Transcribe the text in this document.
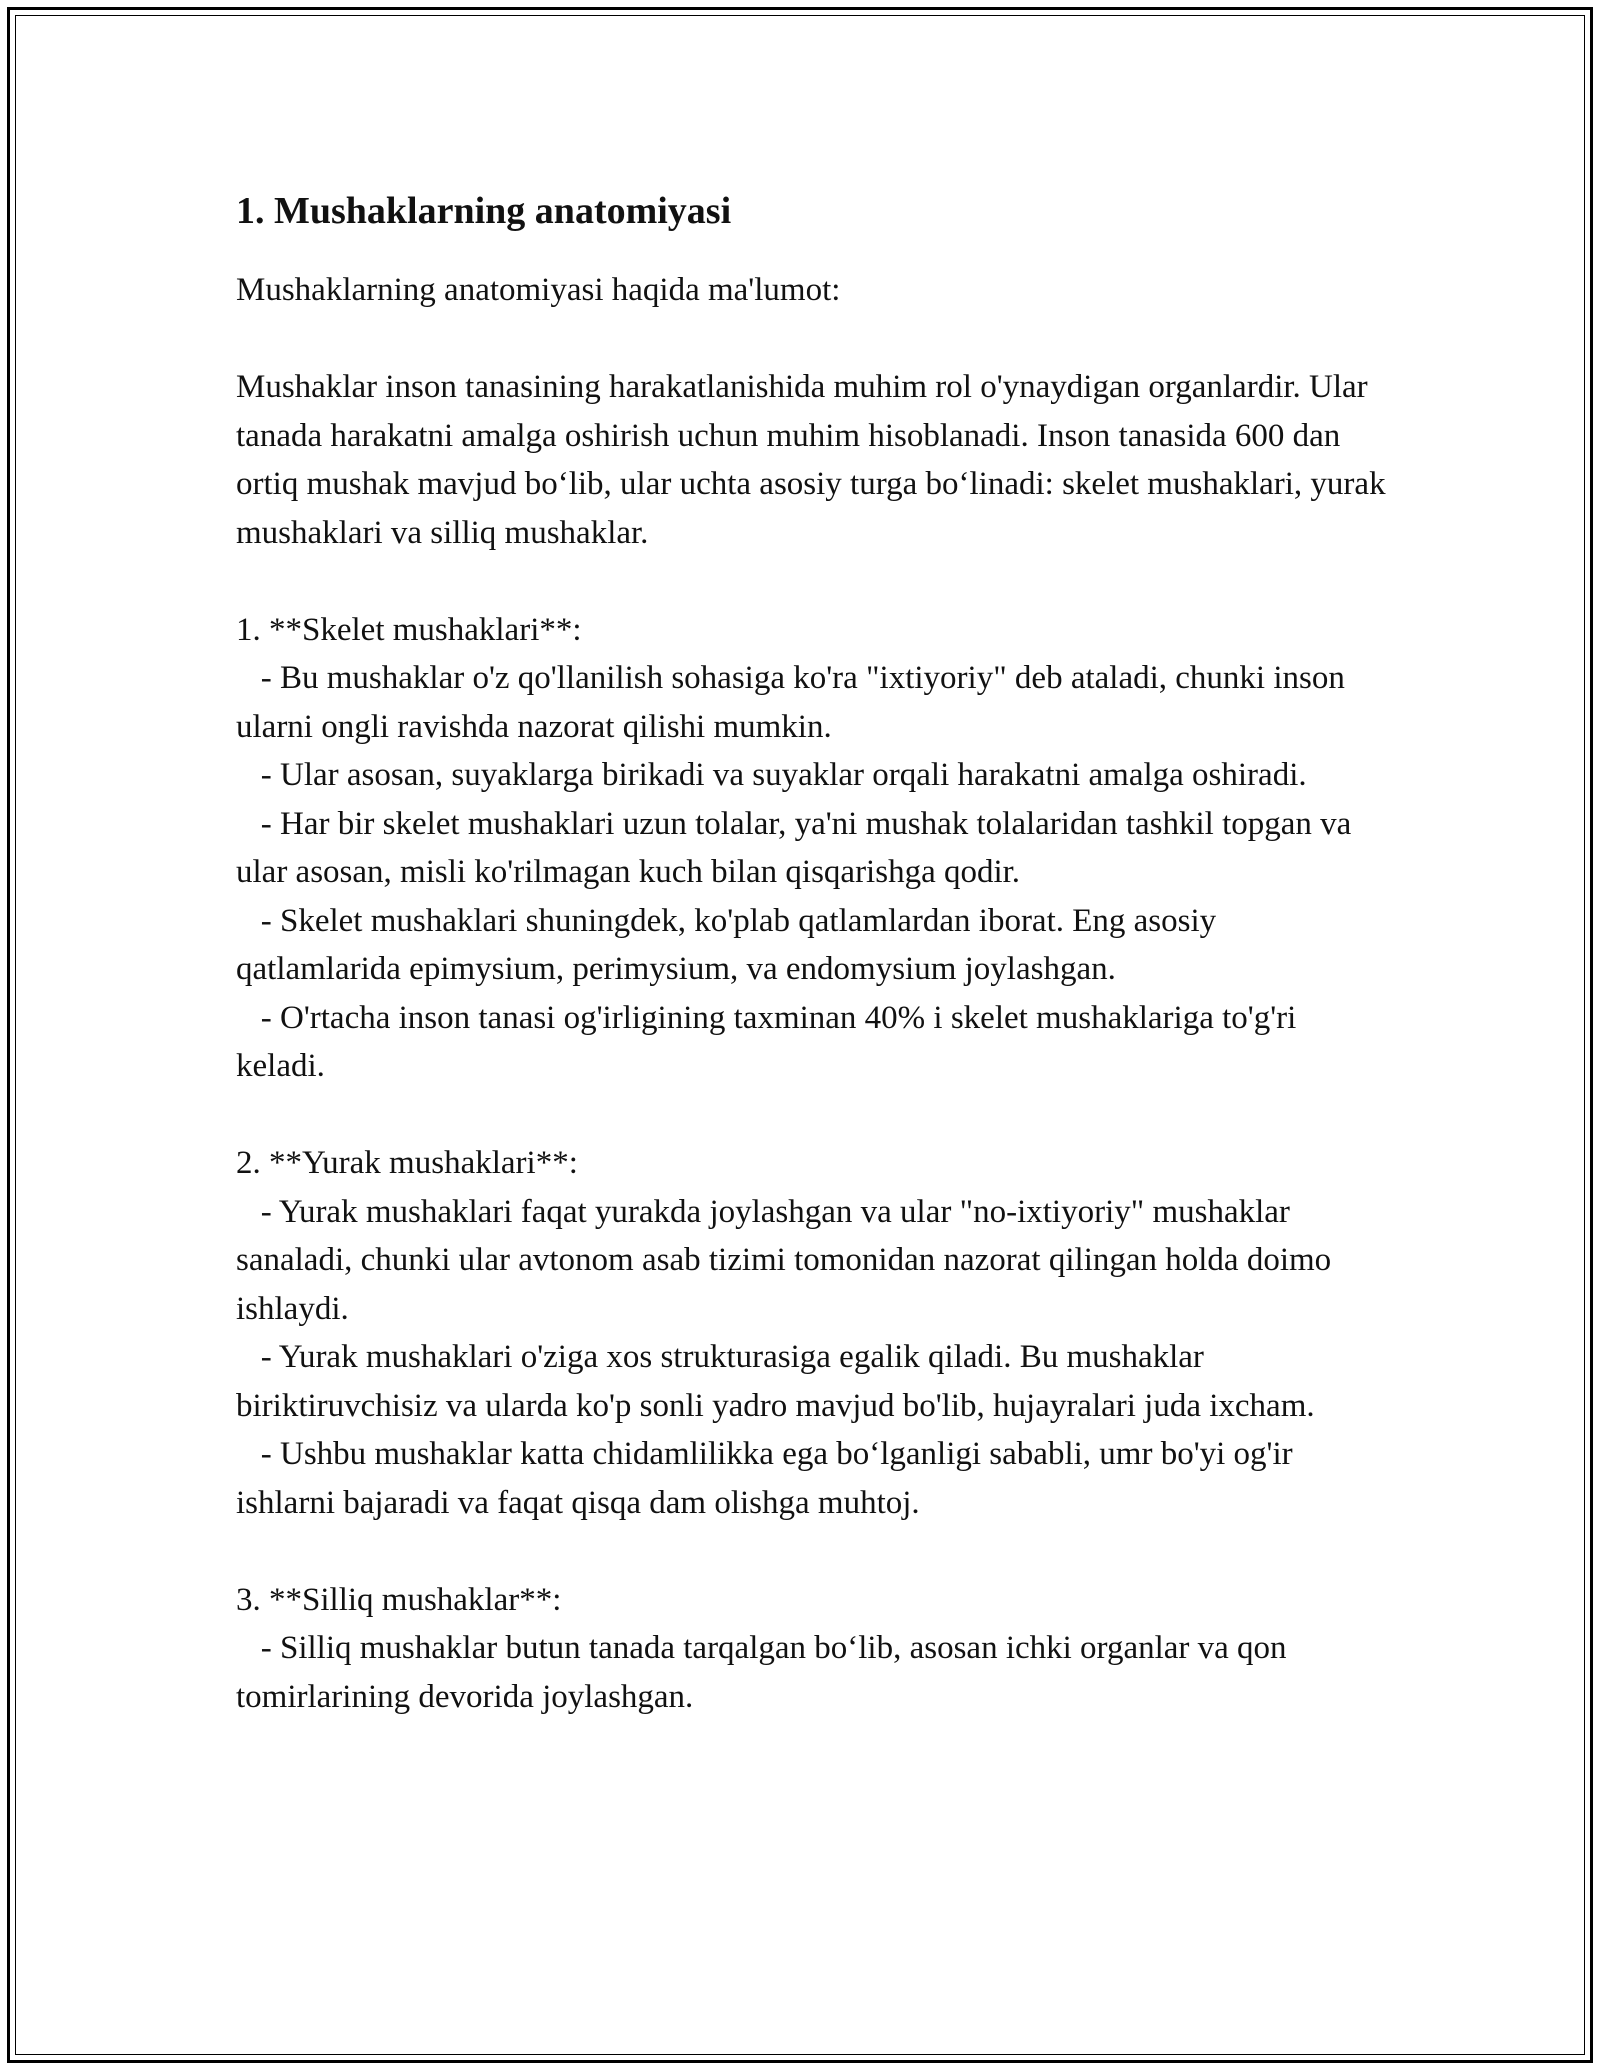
1. Mushaklarning anatomiyasi

Mushaklarning anatomiyasi haqida ma'lumot:

Mushaklar inson tanasining harakatlanishida muhim rol o'ynaydigan organlardir. Ular tanada harakatni amalga oshirish uchun muhim hisoblanadi. Inson tanasida 600 dan ortiq mushak mavjud bo‘lib, ular uchta asosiy turga bo‘linadi: skelet mushaklari, yurak mushaklari va silliq mushaklar.

1. **Skelet mushaklari**:

- Bu mushaklar o'z qo'llanilish sohasiga ko'ra "ixtiyoriy" deb ataladi, chunki inson ularni ongli ravishda nazorat qilishi mumkin.

- Ular asosan, suyaklarga birikadi va suyaklar orqali harakatni amalga oshiradi.

- Har bir skelet mushaklari uzun tolalar, ya'ni mushak tolalaridan tashkil topgan va ular asosan, misli ko'rilmagan kuch bilan qisqarishga qodir.

- Skelet mushaklari shuningdek, ko'plab qatlamlardan iborat. Eng asosiy qatlamlarida epimysium, perimysium, va endomysium joylashgan.

- O'rtacha inson tanasi og'irligining taxminan 40% i skelet mushaklariga to'g'ri keladi.

2. **Yurak mushaklari**:

- Yurak mushaklari faqat yurakda joylashgan va ular "no-ixtiyoriy" mushaklar sanaladi, chunki ular avtonom asab tizimi tomonidan nazorat qilingan holda doimo ishlaydi.

- Yurak mushaklari o'ziga xos strukturasiga egalik qiladi. Bu mushaklar biriktiruvchisiz va ularda ko'p sonli yadro mavjud bo'lib, hujayralari juda ixcham.

- Ushbu mushaklar katta chidamlilikka ega bo‘lganligi sababli, umr bo'yi og'ir ishlarni bajaradi va faqat qisqa dam olishga muhtoj.

3. **Silliq mushaklar**:

- Silliq mushaklar butun tanada tarqalgan bo‘lib, asosan ichki organlar va qon tomirlarining devorida joylashgan.
